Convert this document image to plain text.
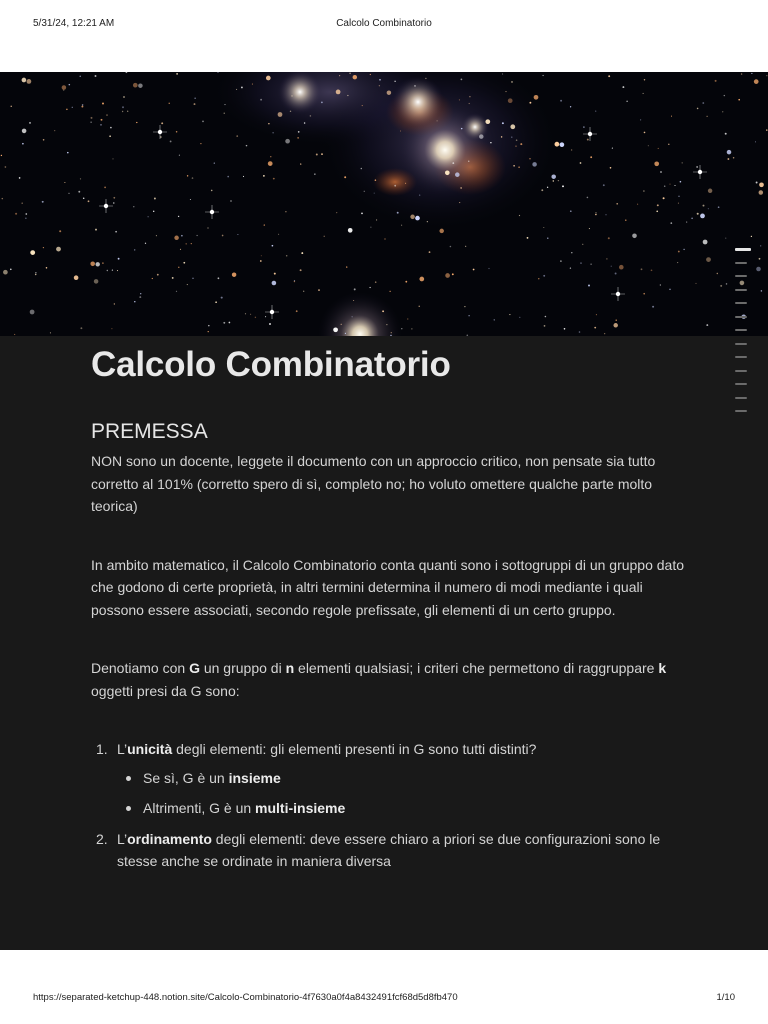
5/31/24, 12:21 AM	Calcolo Combinatorio
Calcolo Combinatorio
PREMESSA

NON sono un docente, leggete il documento con un approccio critico, non pensate sia tutto corretto al 101% (corretto spero di sì, completo no; ho voluto omettere qualche parte molto teorica)

In ambito matematico, il Calcolo Combinatorio conta quanti sono i sottogruppi di un gruppo dato che godono di certe proprietà, in altri termini determina il numero di modi mediante i quali possono essere associati, secondo regole prefissate, gli elementi di un certo gruppo.

Denotiamo con G un gruppo di n elementi qualsiasi; i criteri che permettono di raggruppare k oggetti presi da G sono:

1. L’unicità degli elementi: gli elementi presenti in G sono tutti distinti?
Se sì, G è un insieme
Altrimenti, G è un multi-insieme
2. L’ordinamento degli elementi: deve essere chiaro a priori se due configurazioni sono le stesse anche se ordinate in maniera diversa
https://separated-ketchup-448.notion.site/Calcolo-Combinatorio-4f7630a0f4a8432491fcf68d5d8fb470	1/10
